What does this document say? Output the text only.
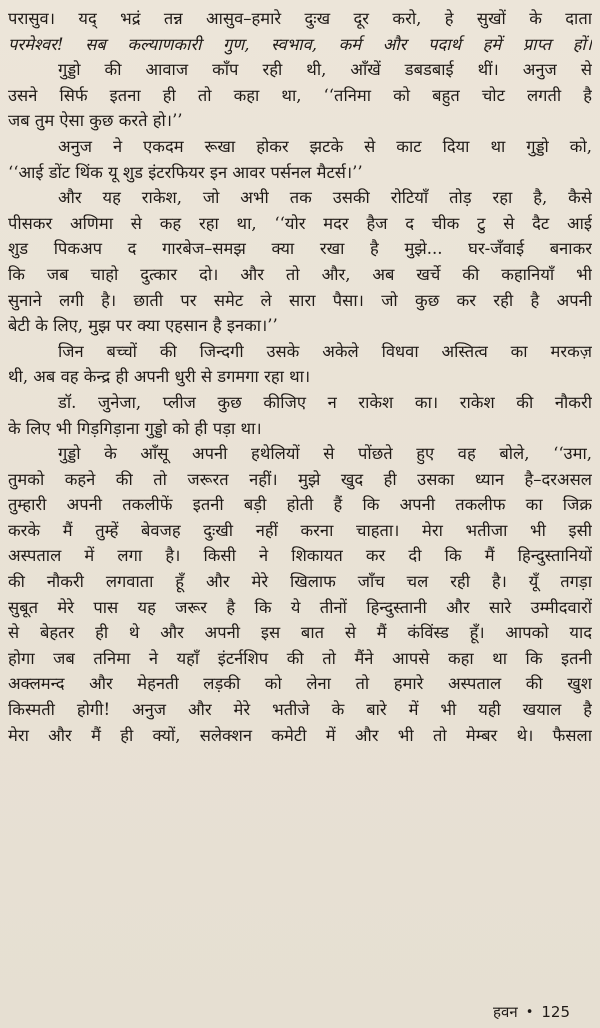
परासुव। यद् भद्रं तन्न आसुव–हमारे दुःख दूर करो, हे सुखों के दाता
परमेश्वर! सब कल्याणकारी गुण, स्वभाव, कर्म और पदार्थ हमें प्राप्त हों।
गुड्डो की आवाज काँप रही थी, आँखें डबडबाई थीं। अनुज से
उसने सिर्फ इतना ही तो कहा था, ‘‘तनिमा को बहुत चोट लगती है
जब तुम ऐसा कुछ करते हो।’’
अनुज ने एकदम रूखा होकर झटके से काट दिया था गुड्डो को,
‘‘आई डोंट थिंक यू शुड इंटरफियर इन आवर पर्सनल मैटर्स।’’
और यह राकेश, जो अभी तक उसकी रोटियाँ तोड़ रहा है, कैसे
पीसकर अणिमा से कह रहा था, ‘‘योर मदर हैज द चीक टु से दैट आई
शुड पिकअप द गारबेज–समझ क्या रखा है मुझे... घर-जँवाई बनाकर
कि जब चाहो दुत्कार दो। और तो और, अब खर्चे की कहानियाँ भी
सुनाने लगी है। छाती पर समेट ले सारा पैसा। जो कुछ कर रही है अपनी
बेटी के लिए, मुझ पर क्या एहसान है इनका।’’
जिन बच्चों की जिन्दगी उसके अकेले विधवा अस्तित्व का मरकज़
थी, अब वह केन्द्र ही अपनी धुरी से डगमगा रहा था।
डॉ. जुनेजा, प्लीज कुछ कीजिए न राकेश का। राकेश की नौकरी
के लिए भी गिड़गिड़ाना गुड्डो को ही पड़ा था।
गुड्डो के आँसू अपनी हथेलियों से पोंछते हुए वह बोले, ‘‘उमा,
तुमको कहने की तो जरूरत नहीं। मुझे खुद ही उसका ध्यान है–दरअसल
तुम्हारी अपनी तकलीफें इतनी बड़ी होती हैं कि अपनी तकलीफ का जिक्र
करके मैं तुम्हें बेवजह दुःखी नहीं करना चाहता। मेरा भतीजा भी इसी
अस्पताल में लगा है। किसी ने शिकायत कर दी कि मैं हिन्दुस्तानियों
की नौकरी लगवाता हूँ और मेरे खिलाफ जाँच चल रही है। यूँ तगड़ा
सुबूत मेरे पास यह जरूर है कि ये तीनों हिन्दुस्तानी और सारे उम्मीदवारों
से बेहतर ही थे और अपनी इस बात से मैं कंविंस्ड हूँ। आपको याद
होगा जब तनिमा ने यहाँ इंटर्नशिप की तो मैंने आपसे कहा था कि इतनी
अक्लमन्द और मेहनती लड़की को लेना तो हमारे अस्पताल की खुश
किस्मती होगी! अनुज और मेरे भतीजे के बारे में भी यही खयाल है
मेरा और मैं ही क्यों, सलेक्शन कमेटी में और भी तो मेम्बर थे। फैसला
हवन • 125
